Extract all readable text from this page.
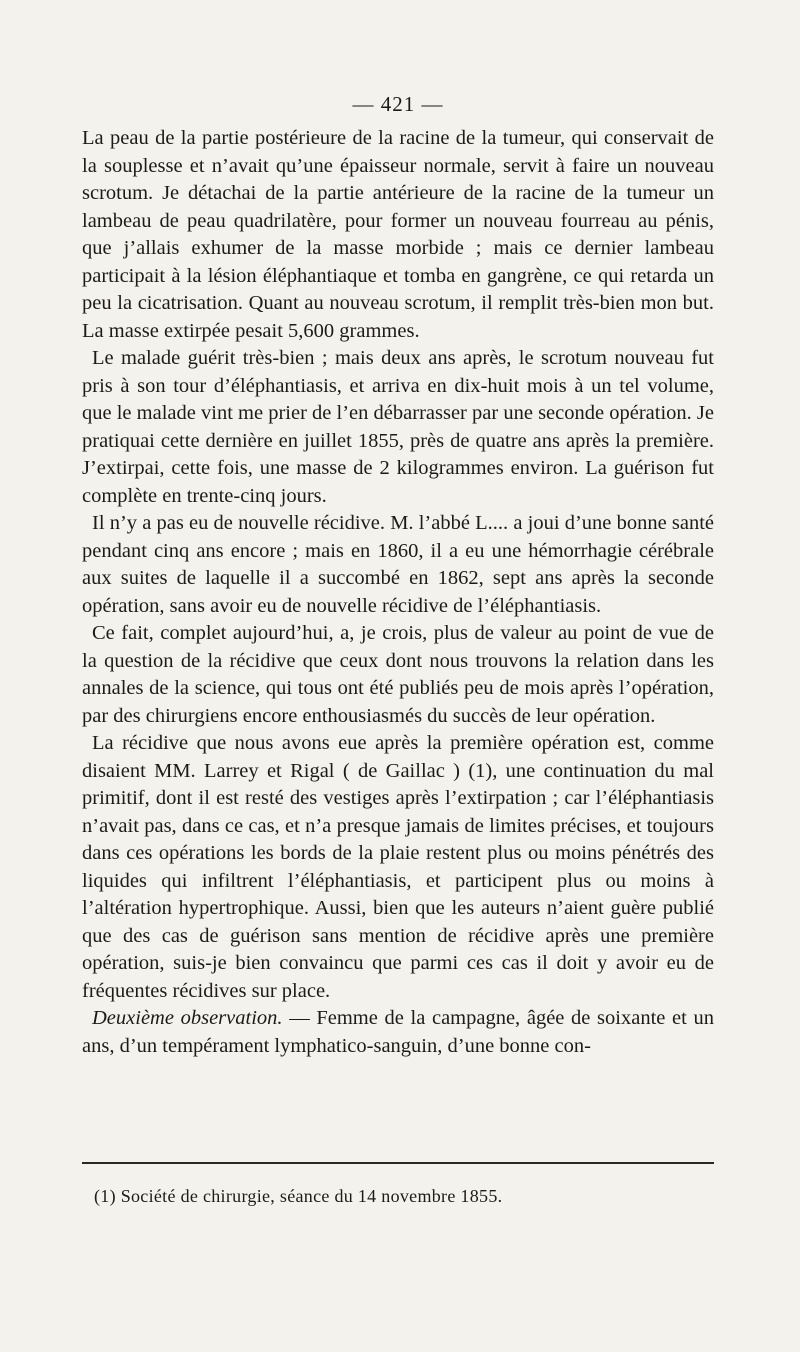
— 421 —

La peau de la partie postérieure de la racine de la tumeur, qui conservait de la souplesse et n’avait qu’une épaisseur normale, servit à faire un nouveau scrotum. Je détachai de la partie antérieure de la racine de la tumeur un lambeau de peau quadrilatère, pour former un nouveau fourreau au pénis, que j’allais exhumer de la masse morbide ; mais ce dernier lambeau participait à la lésion éléphantiaque et tomba en gangrène, ce qui retarda un peu la cicatrisation. Quant au nouveau scrotum, il remplit très-bien mon but. La masse extirpée pesait 5,600 grammes.

Le malade guérit très-bien ; mais deux ans après, le scrotum nouveau fut pris à son tour d’éléphantiasis, et arriva en dix-huit mois à un tel volume, que le malade vint me prier de l’en débarrasser par une seconde opération. Je pratiquai cette dernière en juillet 1855, près de quatre ans après la première. J’extirpai, cette fois, une masse de 2 kilogrammes environ. La guérison fut complète en trente-cinq jours.

Il n’y a pas eu de nouvelle récidive. M. l’abbé L.... a joui d’une bonne santé pendant cinq ans encore ; mais en 1860, il a eu une hémorrhagie cérébrale aux suites de laquelle il a succombé en 1862, sept ans après la seconde opération, sans avoir eu de nouvelle récidive de l’éléphantiasis.

Ce fait, complet aujourd’hui, a, je crois, plus de valeur au point de vue de la question de la récidive que ceux dont nous trouvons la relation dans les annales de la science, qui tous ont été publiés peu de mois après l’opération, par des chirurgiens encore enthousiasmés du succès de leur opération.

La récidive que nous avons eue après la première opération est, comme disaient MM. Larrey et Rigal ( de Gaillac ) (1), une continuation du mal primitif, dont il est resté des vestiges après l’extirpation ; car l’éléphantiasis n’avait pas, dans ce cas, et n’a presque jamais de limites précises, et toujours dans ces opérations les bords de la plaie restent plus ou moins pénétrés des liquides qui infiltrent l’éléphantiasis, et participent plus ou moins à l’altération hypertrophique. Aussi, bien que les auteurs n’aient guère publié que des cas de guérison sans mention de récidive après une première opération, suis-je bien convaincu que parmi ces cas il doit y avoir eu de fréquentes récidives sur place.

Deuxième observation. — Femme de la campagne, âgée de soixante et un ans, d’un tempérament lymphatico-sanguin, d’une bonne con-

(1) Société de chirurgie, séance du 14 novembre 1855.
